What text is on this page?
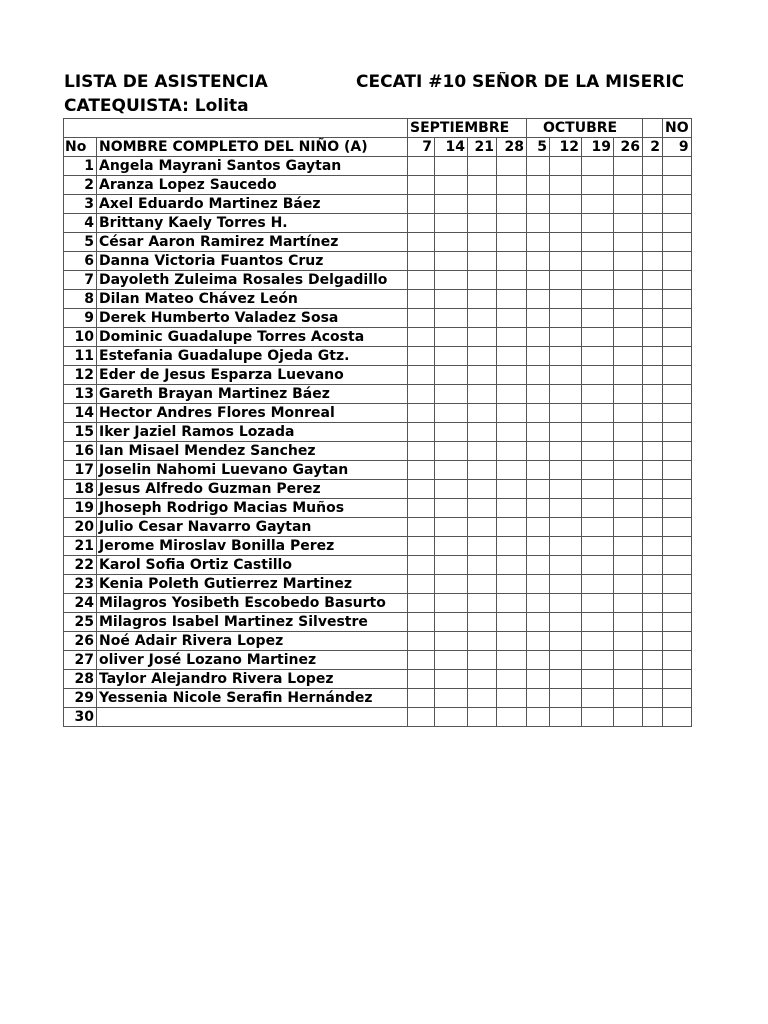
LISTA DE ASISTENCIA	CECATI #10 SEÑOR DE LA MISERIC
CATEQUISTA: Lolita
		SEPTIEMBRE				OCTUBRE					NO
No	NOMBRE COMPLETO DEL NIÑO (A)	7	14	21	28	5	12	19	26	2	9
1	Angela Mayrani Santos Gaytan										
2	Aranza Lopez Saucedo										
3	Axel Eduardo Martinez Báez										
4	Brittany Kaely Torres H.										
5	César Aaron Ramirez Martínez										
6	Danna Victoria Fuantos Cruz										
7	Dayoleth Zuleima Rosales Delgadillo										
8	Dilan Mateo Chávez León										
9	Derek Humberto Valadez Sosa										
10	Dominic Guadalupe Torres Acosta										
11	Estefania Guadalupe Ojeda Gtz.										
12	Eder de Jesus Esparza Luevano										
13	Gareth Brayan Martinez Báez										
14	Hector Andres Flores Monreal										
15	Iker Jaziel Ramos Lozada										
16	Ian Misael Mendez Sanchez										
17	Joselin Nahomi Luevano Gaytan										
18	Jesus Alfredo Guzman Perez										
19	Jhoseph Rodrigo Macias Muños										
20	Julio Cesar Navarro Gaytan										
21	Jerome Miroslav Bonilla Perez										
22	Karol Sofia Ortiz Castillo										
23	Kenia Poleth Gutierrez Martinez										
24	Milagros Yosibeth Escobedo Basurto										
25	Milagros Isabel Martinez Silvestre										
26	Noé Adair Rivera Lopez										
27	oliver José Lozano Martinez										
28	Taylor Alejandro Rivera Lopez										
29	Yessenia Nicole Serafin Hernández										
30											
